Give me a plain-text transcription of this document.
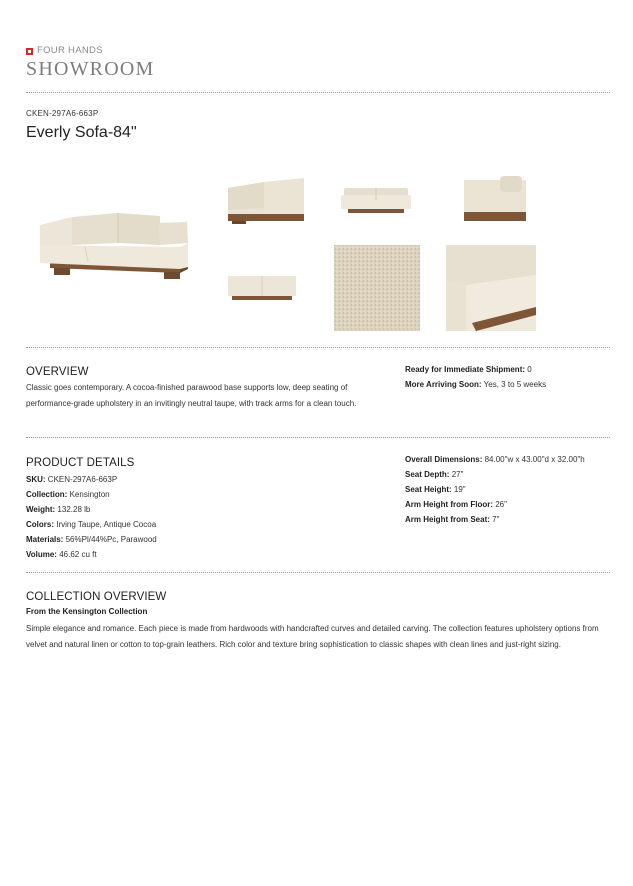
FOUR HANDS
SHOWROOM
CKEN-297A6-663P
Everly Sofa-84"
OVERVIEW
Classic goes contemporary. A cocoa-finished parawood base supports low, deep seating of performance-grade upholstery in an invitingly neutral taupe, with track arms for a clean touch.
Ready for Immediate Shipment: 0
More Arriving Soon: Yes, 3 to 5 weeks
PRODUCT DETAILS
SKU: CKEN-297A6-663P
Collection: Kensington
Weight: 132.28 lb
Colors: Irving Taupe, Antique Cocoa
Materials: 56%Pl/44%Pc, Parawood
Volume: 46.62 cu ft
Overall Dimensions: 84.00"w x 43.00"d x 32.00"h
Seat Depth: 27"
Seat Height: 19"
Arm Height from Floor: 26"
Arm Height from Seat: 7"
COLLECTION OVERVIEW
From the Kensington Collection
Simple elegance and romance. Each piece is made from hardwoods with handcrafted curves and detailed carving. The collection features upholstery options from velvet and natural linen or cotton to top-grain leathers. Rich color and texture bring sophistication to classic shapes with clean lines and just-right sizing.
